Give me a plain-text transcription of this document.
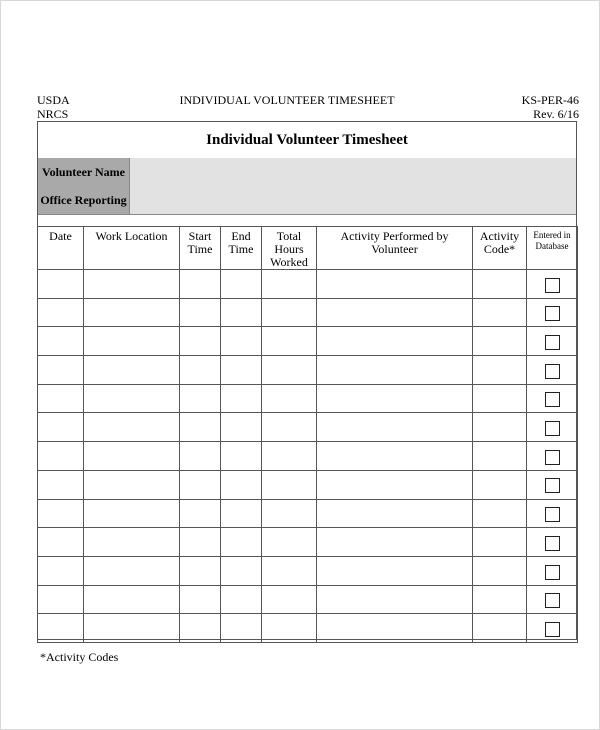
USDA
NRCS
INDIVIDUAL VOLUNTEER TIMESHEET	KS-PER-46
Rev. 6/16
Individual Volunteer Timesheet
Volunteer Name
Office Reporting
Date	Work Location	Start Time	End Time	Total Hours Worked	Activity Performed by Volunteer	Activity Code*	Entered in Database

*Activity Codes
